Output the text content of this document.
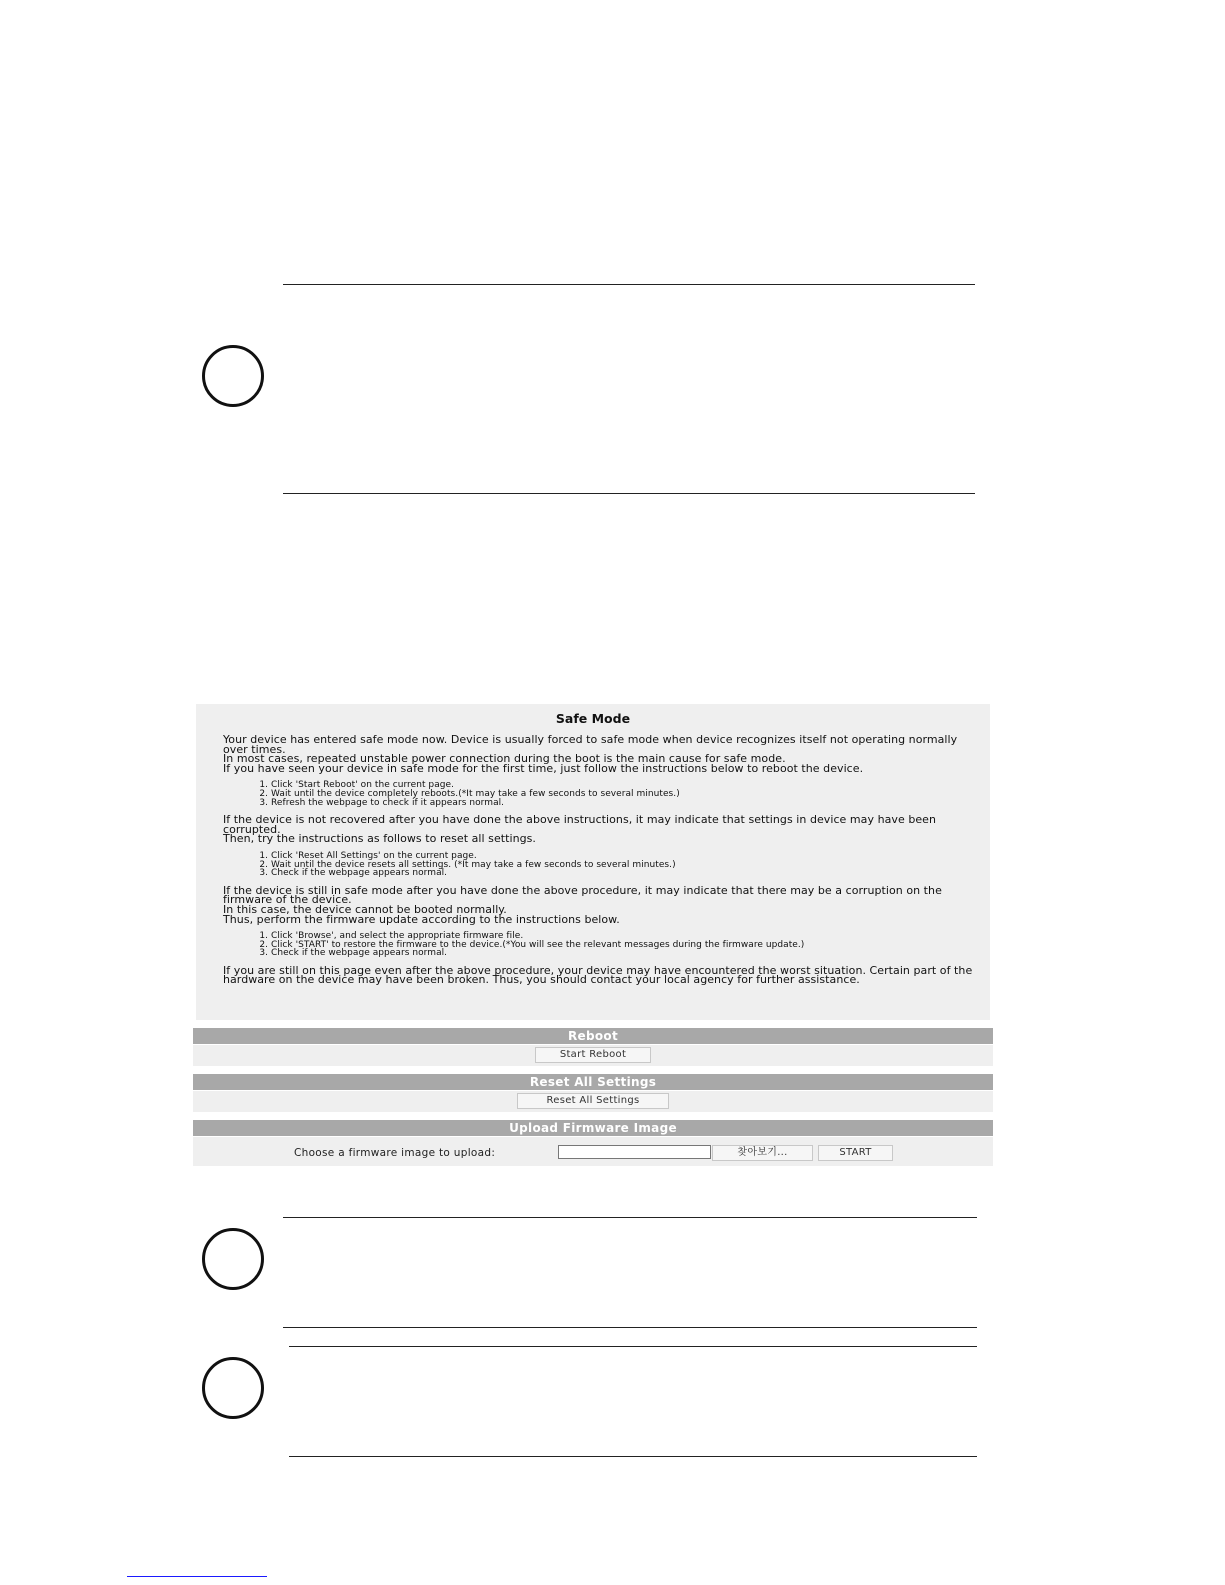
Safe Mode

Your device has entered safe mode now. Device is usually forced to safe mode when device recognizes itself not operating normally over times.
In most cases, repeated unstable power connection during the boot is the main cause for safe mode.
If you have seen your device in safe mode for the first time, just follow the instructions below to reboot the device.

1. Click 'Start Reboot' on the current page.
2. Wait until the device completely reboots.(*It may take a few seconds to several minutes.)
3. Refresh the webpage to check if it appears normal.

If the device is not recovered after you have done the above instructions, it may indicate that settings in device may have been corrupted.
Then, try the instructions as follows to reset all settings.

1. Click 'Reset All Settings' on the current page.
2. Wait until the device resets all settings. (*It may take a few seconds to several minutes.)
3. Check if the webpage appears normal.

If the device is still in safe mode after you have done the above procedure, it may indicate that there may be a corruption on the firmware of the device.
In this case, the device cannot be booted normally.
Thus, perform the firmware update according to the instructions below.

1. Click 'Browse', and select the appropriate firmware file.
2. Click 'START' to restore the firmware to the device.(*You will see the relevant messages during the firmware update.)
3. Check if the webpage appears normal.

If you are still on this page even after the above procedure, your device may have encountered the worst situation. Certain part of the hardware on the device may have been broken. Thus, you should contact your local agency for further assistance.

Reboot
Start Reboot
Reset All Settings
Reset All Settings
Upload Firmware Image
Choose a firmware image to upload:	찾아보기...	START
